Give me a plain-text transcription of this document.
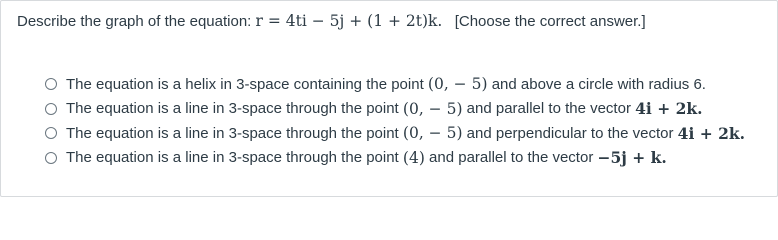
Describe the graph of the equation: r = 4ti − 5j + (1 + 2t)k. [Choose the correct answer.]
The equation is a helix in 3-space containing the point
(0, − 5)
and above a circle with radius 6.
The equation is a line in 3-space through the point
(0, − 5)
and parallel to the vector
4i + 2k.
The equation is a line in 3-space through the point
(0, − 5)
and perpendicular to the vector
4i + 2k.
The equation is a line in 3-space through the point
(4)
and parallel to the vector
−5j + k.
